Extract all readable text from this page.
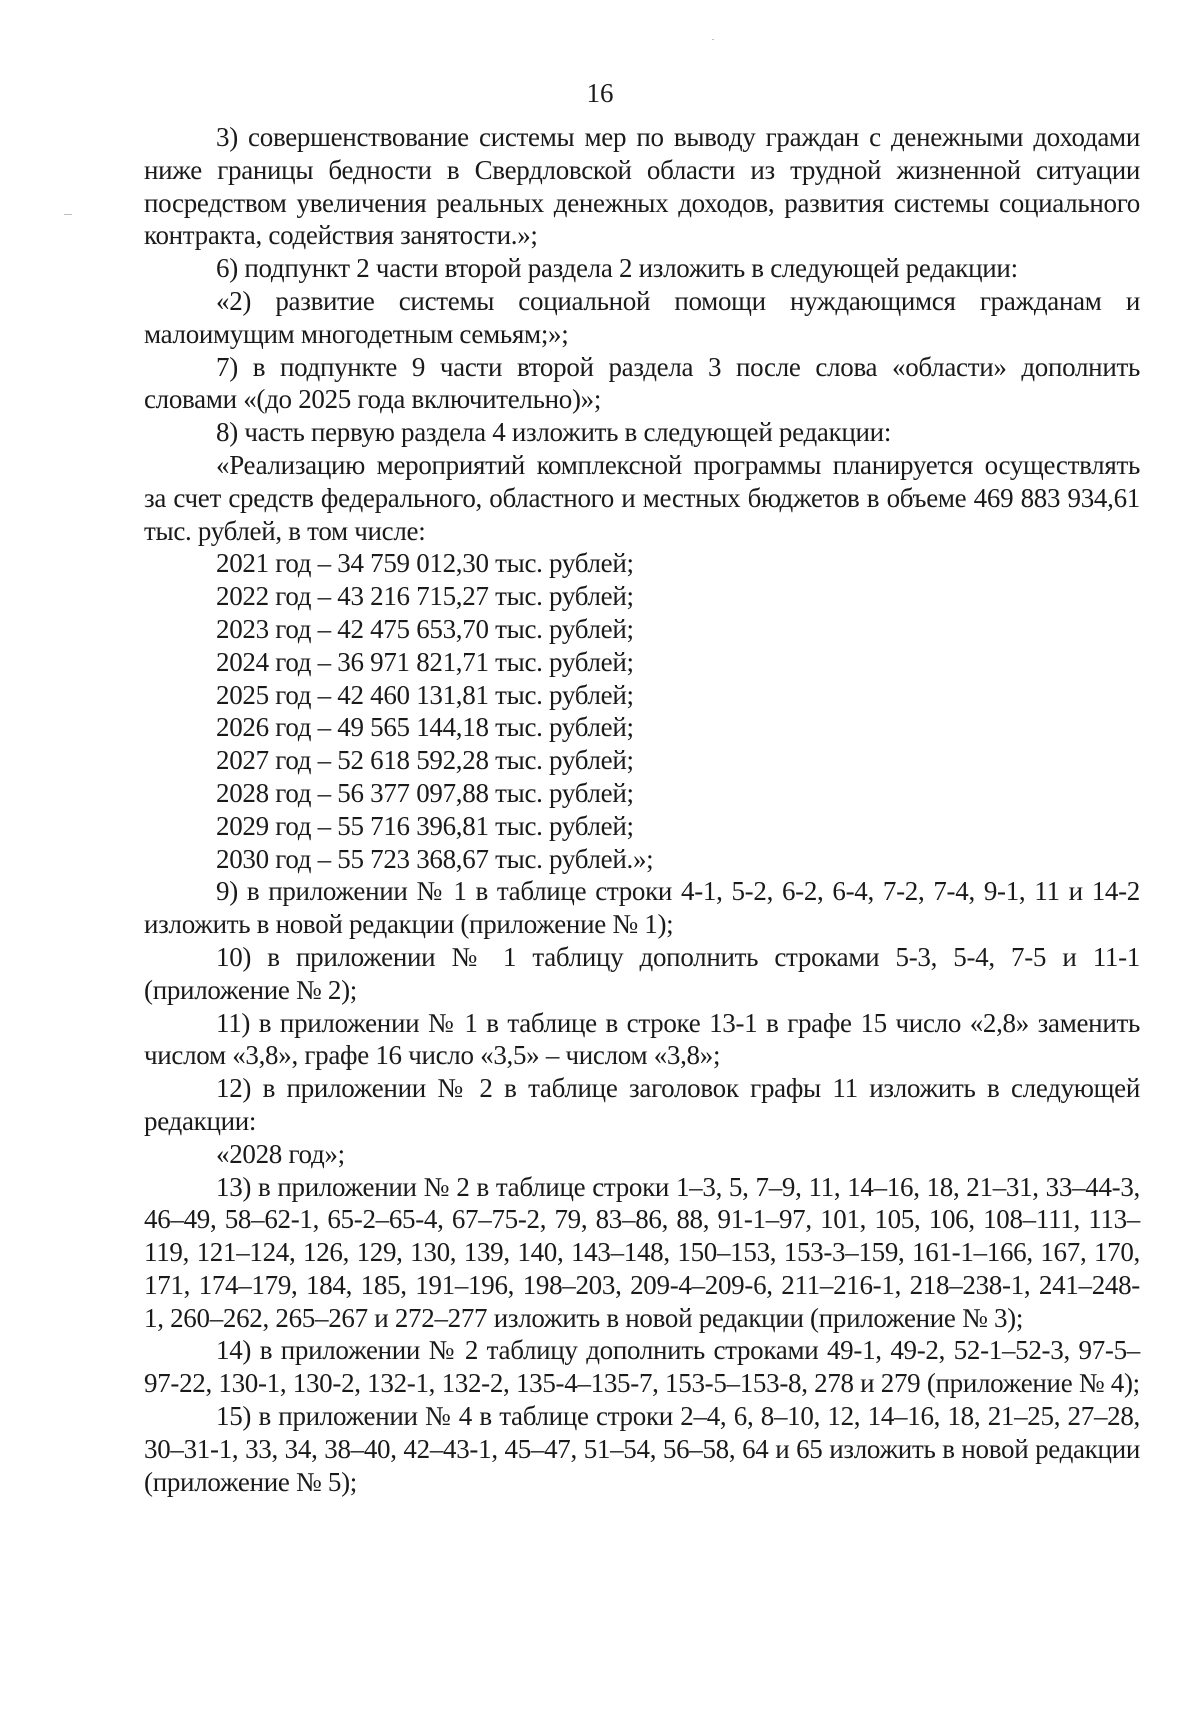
16

3) совершенствование системы мер по выводу граждан с денежными доходами ниже границы бедности в Свердловской области из трудной жизненной ситуации посредством увеличения реальных денежных доходов, развития системы социального контракта, содействия занятости.»;

6) подпункт 2 части второй раздела 2 изложить в следующей редакции:

«2) развитие системы социальной помощи нуждающимся гражданам и малоимущим многодетным семьям;»;

7) в подпункте 9 части второй раздела 3 после слова «области» дополнить словами «(до 2025 года включительно)»;

8) часть первую раздела 4 изложить в следующей редакции:

«Реализацию мероприятий комплексной программы планируется осуществлять за счет средств федерального, областного и местных бюджетов в объеме 469 883 934,61 тыс. рублей, в том числе:

2021 год – 34 759 012,30 тыс. рублей;

2022 год – 43 216 715,27 тыс. рублей;

2023 год – 42 475 653,70 тыс. рублей;

2024 год – 36 971 821,71 тыс. рублей;

2025 год – 42 460 131,81 тыс. рублей;

2026 год – 49 565 144,18 тыс. рублей;

2027 год – 52 618 592,28 тыс. рублей;

2028 год – 56 377 097,88 тыс. рублей;

2029 год – 55 716 396,81 тыс. рублей;

2030 год – 55 723 368,67 тыс. рублей.»;

9) в приложении № 1 в таблице строки 4-1, 5-2, 6-2, 6-4, 7-2, 7-4, 9-1, 11 и 14-2 изложить в новой редакции (приложение № 1);

10) в приложении № 1 таблицу дополнить строками 5-3, 5-4, 7-5 и 11-1 (приложение № 2);

11) в приложении № 1 в таблице в строке 13-1 в графе 15 число «2,8» заменить числом «3,8», графе 16 число «3,5» – числом «3,8»;

12) в приложении № 2 в таблице заголовок графы 11 изложить в следующей редакции:

«2028 год»;

13) в приложении № 2 в таблице строки 1–3, 5, 7–9, 11, 14–16, 18, 21–31, 33–44-3, 46–49, 58–62-1, 65-2–65-4, 67–75-2, 79, 83–86, 88, 91-1–97, 101, 105, 106, 108–111, 113–119, 121–124, 126, 129, 130, 139, 140, 143–148, 150–153, 153-3–159, 161-1–166, 167, 170, 171, 174–179, 184, 185, 191–196, 198–203, 209-4–209-6, 211–216-1, 218–238-1, 241–248-1, 260–262, 265–267 и 272–277 изложить в новой редакции (приложение № 3);

14) в приложении № 2 таблицу дополнить строками 49-1, 49-2, 52-1–52-3, 97-5–97-22, 130-1, 130-2, 132-1, 132-2, 135-4–135-7, 153-5–153-8, 278 и 279 (приложение № 4);

15) в приложении № 4 в таблице строки 2–4, 6, 8–10, 12, 14–16, 18, 21–25, 27–28, 30–31-1, 33, 34, 38–40, 42–43-1, 45–47, 51–54, 56–58, 64 и 65 изложить в новой редакции (приложение № 5);
